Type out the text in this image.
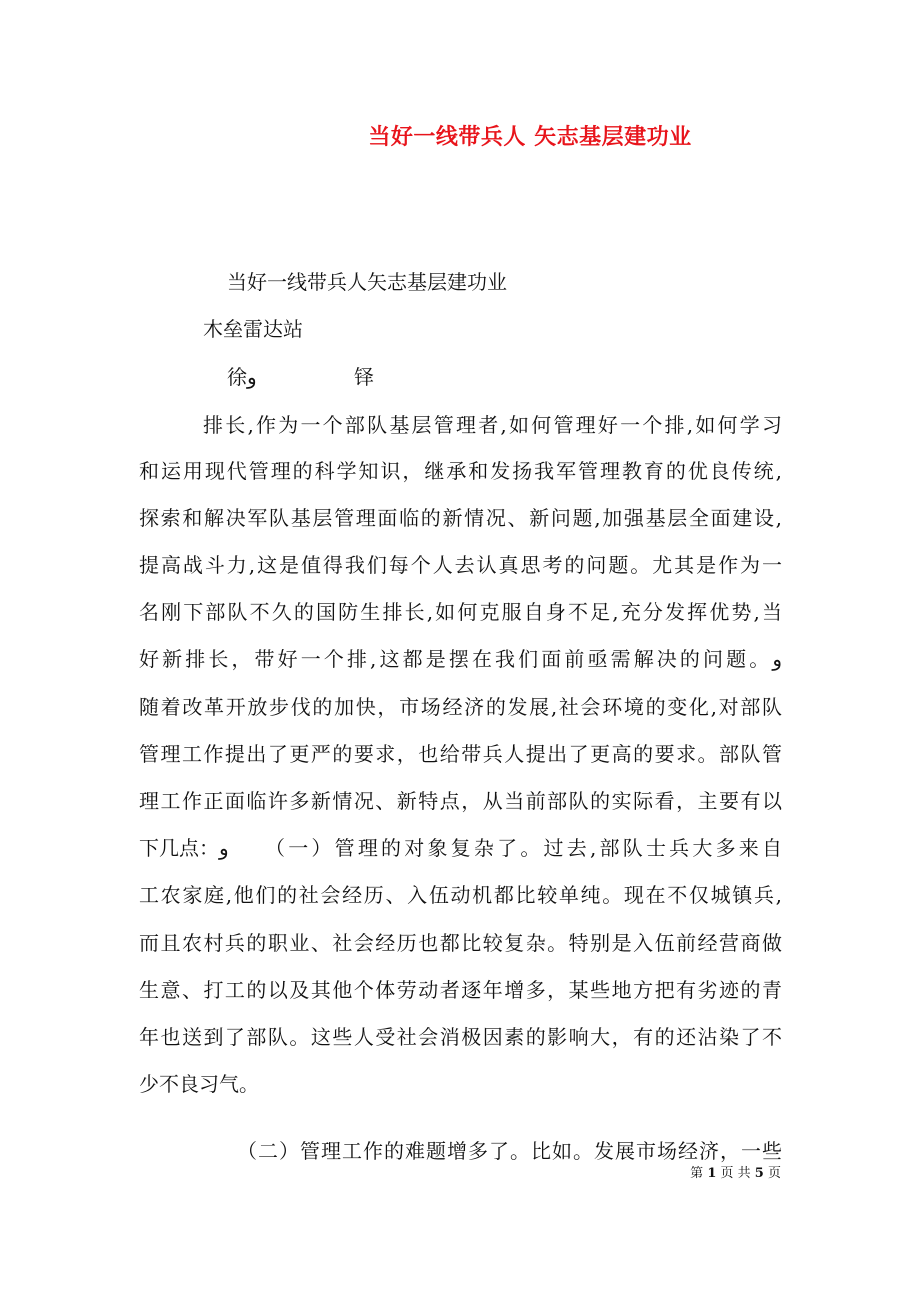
当好一线带兵人 矢志基层建功业
当好一线带兵人矢志基层建功业
木垒雷达站
徐و	铎
排长,作为一个部队基层管理者,如何管理好一个排,如何学习
和运用现代管理的科学知识，继承和发扬我军管理教育的优良传统,
探索和解决军队基层管理面临的新情况、新问题,加强基层全面建设,
提高战斗力,这是值得我们每个人去认真思考的问题。尤其是作为一
名刚下部队不久的国防生排长,如何克服自身不足,充分发挥优势,当
好新排长，带好一个排,这都是摆在我们面前亟需解决的问题。و
随着改革开放步伐的加快，市场经济的发展,社会环境的变化,对部队
管理工作提出了更严的要求，也给带兵人提出了更高的要求。部队管
理工作正面临许多新情况、新特点，从当前部队的实际看，主要有以
下几点：و （一）管理的对象复杂了。过去,部队士兵大多来自
工农家庭,他们的社会经历、入伍动机都比较单纯。现在不仅城镇兵,
而且农村兵的职业、社会经历也都比较复杂。特别是入伍前经营商做
生意、打工的以及其他个体劳动者逐年增多，某些地方把有劣迹的青
年也送到了部队。这些人受社会消极因素的影响大，有的还沾染了不
少不良习气。
（二）管理工作的难题增多了。比如。发展市场经济，一些
第 1 页 共 5 页
